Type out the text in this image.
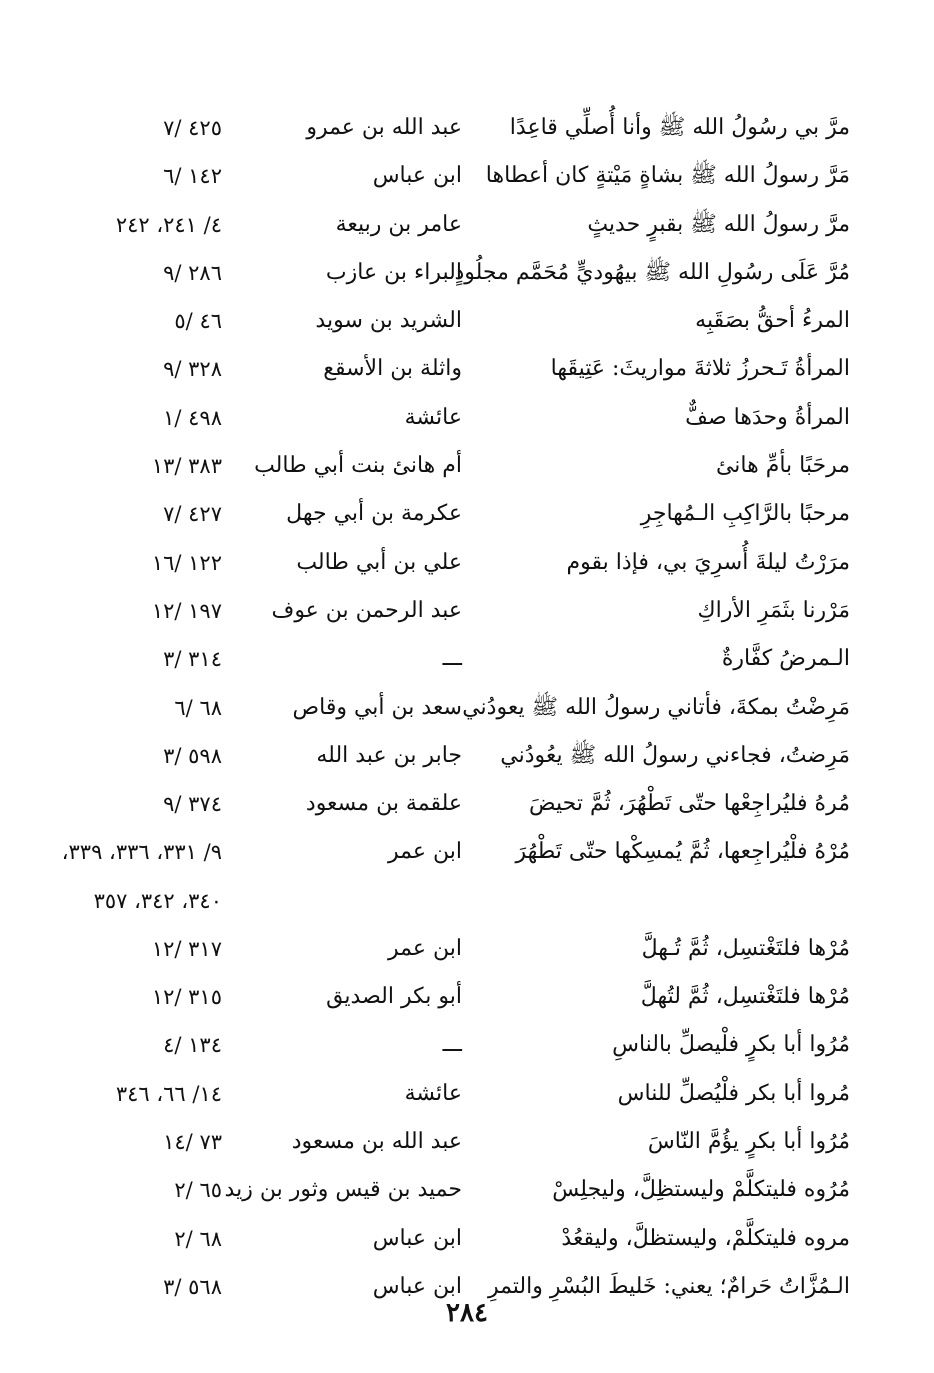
مرَّ بي رسُولُ الله ﷺ وأنا أُصلِّي قاعِدًا
عبد الله بن عمرو
٤٢٥ /٧
مَرَّ رسولُ الله ﷺ بشاةٍ مَيْتةٍ كان أعطاها
ابن عباس
١٤٢ /٦
مرَّ رسولُ الله ﷺ بقبرٍ حديثٍ
عامر بن ربيعة
٤/ ٢٤١، ٢٤٢
مُرَّ عَلَى رسُولِ الله ﷺ بيهُوديٍّ مُحَمَّم مجلُودٍ
البراء بن عازب
٢٨٦ /٩
المرءُ أحقُّ بصَقَبِه
الشريد بن سويد
٤٦ /٥
المرأةُ تَـحرزُ ثلاثةَ مواريثَ: عَتِيقَها
واثلة بن الأسقع
٣٢٨ /٩
المرأةُ وحدَها صفٌّ
عائشة
٤٩٨ /١
مرحَبًا بأمِّ هانئ
أم هانئ بنت أبي طالب
٣٨٣ /١٣
مرحبًا بالرَّاكِبِ الـمُهاجِرِ
عكرمة بن أبي جهل
٤٢٧ /٧
مرَرْتُ ليلةَ أُسرِيَ بي، فإذا بقوم
علي بن أبي طالب
١٢٢ /١٦
مَرْرنا بثَمَرِ الأراكِ
عبد الرحمن بن عوف
١٩٧ /١٢
الـمرضُ كفَّارةٌ
ـــ
٣١٤ /٣
مَرِضْتُ بمكةَ، فأتاني رسولُ الله ﷺ يعودُني
سعد بن أبي وقاص
٦٨ /٦
مَرِضتُ، فجاءني رسولُ الله ﷺ يعُودُني
جابر بن عبد الله
٥٩٨ /٣
مُرهُ فليُراجِعْها حتّى تَطْهُرَ، ثُمَّ تحيضَ
علقمة بن مسعود
٣٧٤ /٩
مُرْهُ فلْيُراجِعها، ثُمَّ يُمسِكْها حتّى تَطْهُرَ
ابن عمر
٩/ ٣٣١، ٣٣٦، ٣٣٩،
٣٤٠، ٣٤٢، ٣٥٧
مُرْها فلتَغْتسِل، ثُمَّ تُـهلَّ
ابن عمر
٣١٧ /١٢
مُرْها فلتَغْتسِل، ثُمَّ لتُهلَّ
أبو بكر الصديق
٣١٥ /١٢
مُرُوا أبا بكرٍ فلْيصلِّ بالناسِ
ـــ
١٣٤ /٤
مُروا أبا بكر فلْيُصلِّ للناس
عائشة
١٤/ ٦٦، ٣٤٦
مُرُوا أبا بكرٍ يؤُمَّ النّاسَ
عبد الله بن مسعود
٧٣ /١٤
مُرُوه فليتكلَّمْ وليستظِلَّ، وليجلِسْ
حميد بن قيس وثور بن زيد
٦٥ /٢
مروه فليتكلَّمْ، وليستظلَّ، وليقعُدْ
ابن عباس
٦٨ /٢
الـمُزَّاتُ حَرامٌ؛ يعني: خَليطَ البُسْرِ والتمرِ
ابن عباس
٥٦٨ /٣
٢٨٤
